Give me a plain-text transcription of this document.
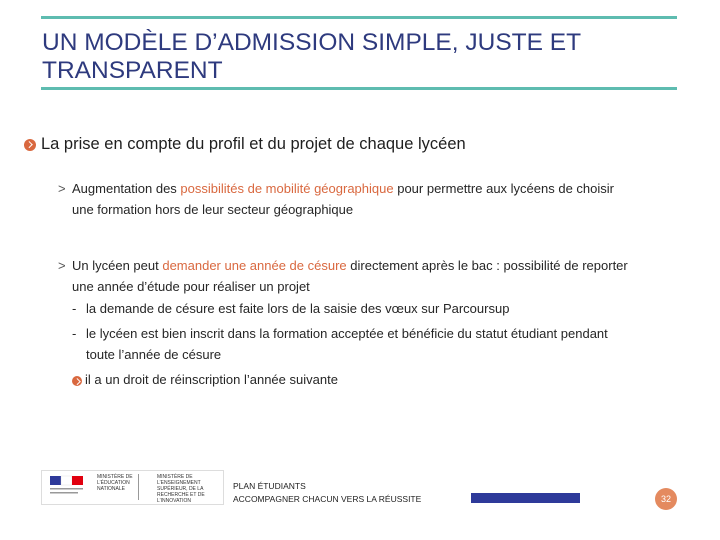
UN MODÈLE D’ADMISSION SIMPLE, JUSTE ET TRANSPARENT
La prise en compte du profil et du projet de chaque lycéen
> Augmentation des possibilités de mobilité géographique pour permettre aux lycéens de choisir
une formation hors de leur secteur géographique
> Un lycéen peut demander une année de césure directement après le bac : possibilité de reporter
une année d’étude pour réaliser un projet
- la demande de césure est faite lors de la saisie des vœux sur Parcoursup
- le lycéen est bien inscrit dans la formation acceptée et bénéficie du statut étudiant pendant
toute l’année de césure
il a un droit de réinscription l’année suivante
MINISTÈRE DE L’ÉDUCATION NATIONALE
MINISTÈRE DE L’ENSEIGNEMENT SUPÉRIEUR, DE LA RECHERCHE ET DE L’INNOVATION
PLAN ÉTUDIANTS
ACCOMPAGNER CHACUN VERS LA RÉUSSITE	32
